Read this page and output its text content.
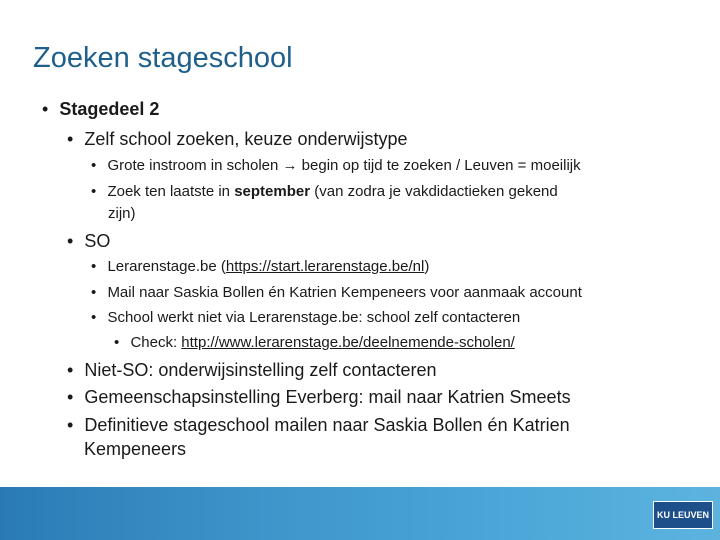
Zoeken stageschool
• Stagedeel 2
• Zelf school zoeken, keuze onderwijstype
• Grote instroom in scholen → begin op tijd te zoeken / Leuven = moeilijk
• Zoek ten laatste in september (van zodra je vakdidactieken gekend
zijn)
• SO
• Lerarenstage.be (https://start.lerarenstage.be/nl)
• Mail naar Saskia Bollen én Katrien Kempeneers voor aanmaak account
• School werkt niet via Lerarenstage.be: school zelf contacteren
• Check: http://www.lerarenstage.be/deelnemende-scholen/
• Niet-SO: onderwijsinstelling zelf contacteren
• Gemeenschapsinstelling Everberg: mail naar Katrien Smeets
• Definitieve stageschool mailen naar Saskia Bollen én Katrien
Kempeneers
KU LEUVEN
